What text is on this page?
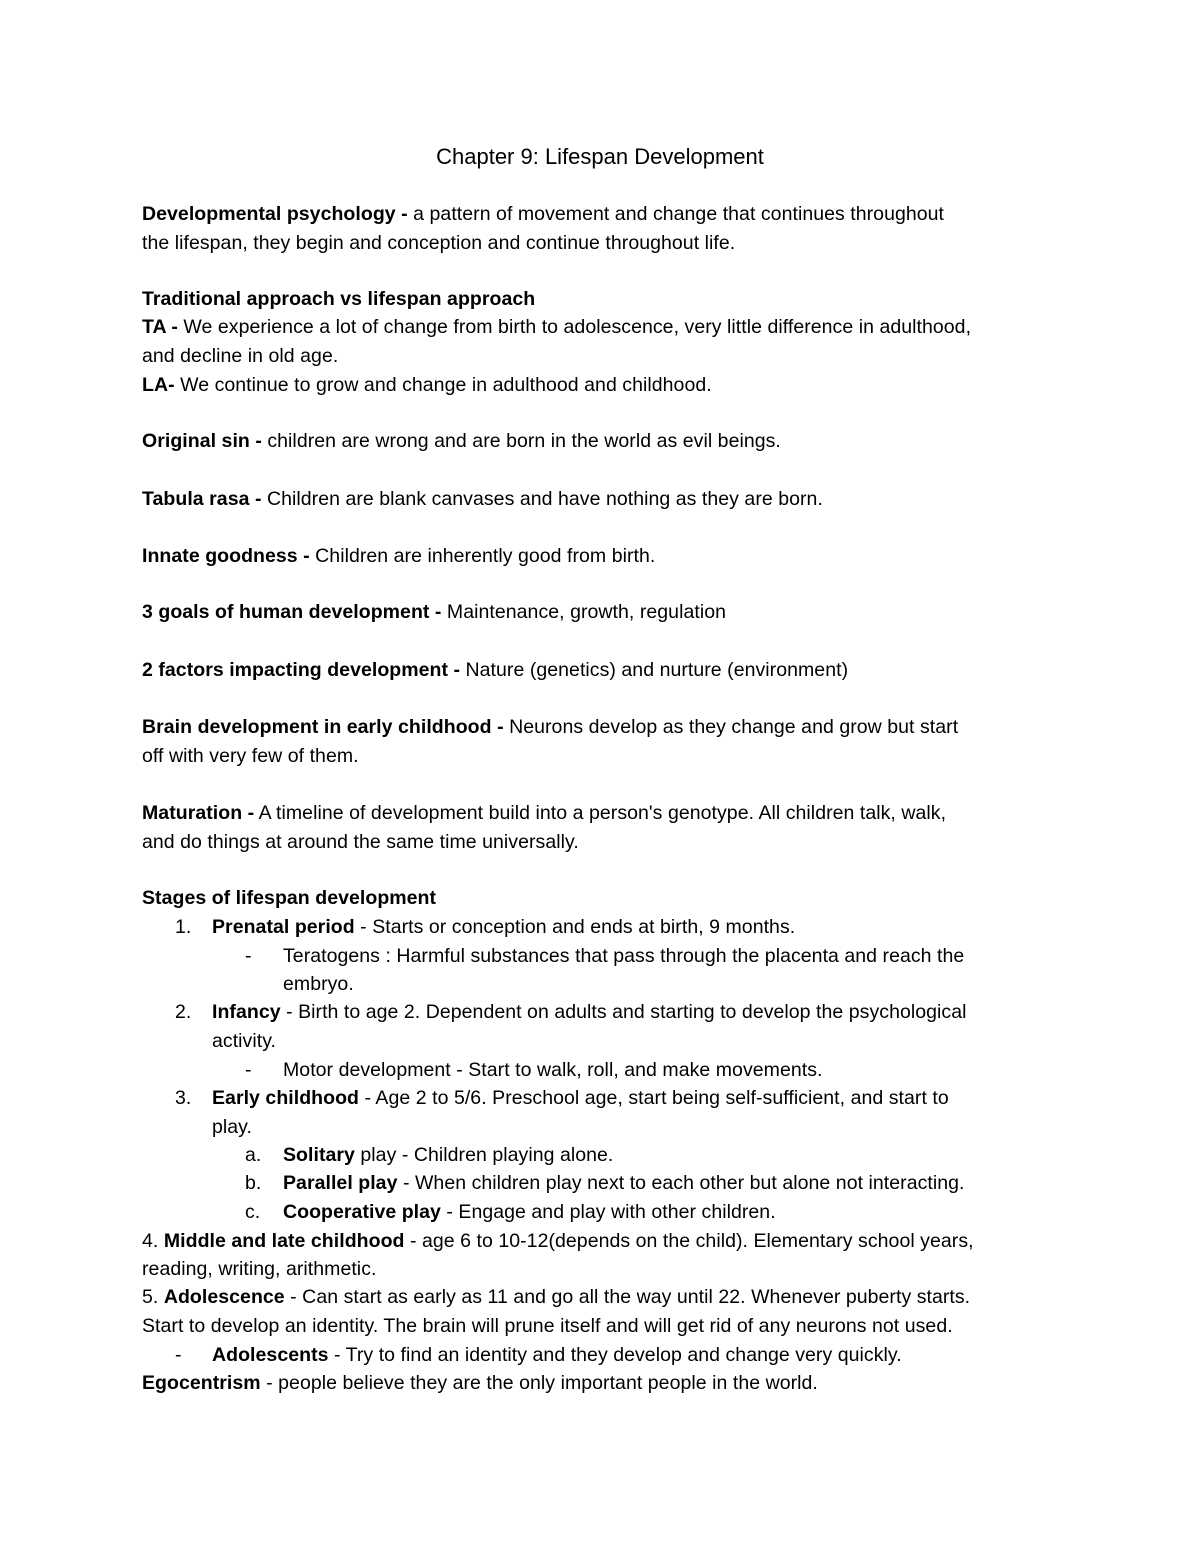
Chapter 9: Lifespan Development
Developmental psychology - a pattern of movement and change that continues throughout
the lifespan, they begin and conception and continue throughout life.
Traditional approach vs lifespan approach
TA - We experience a lot of change from birth to adolescence, very little difference in adulthood,
and decline in old age.
LA- We continue to grow and change in adulthood and childhood.
Original sin - children are wrong and are born in the world as evil beings.
Tabula rasa - Children are blank canvases and have nothing as they are born.
Innate goodness - Children are inherently good from birth.
3 goals of human development - Maintenance, growth, regulation
2 factors impacting development - Nature (genetics) and nurture (environment)
Brain development in early childhood - Neurons develop as they change and grow but start
off with very few of them.
Maturation - A timeline of development build into a person's genotype. All children talk, walk,
and do things at around the same time universally.
Stages of lifespan development
1. Prenatal period - Starts or conception and ends at birth, 9 months.
- Teratogens : Harmful substances that pass through the placenta and reach the
embryo.
2. Infancy - Birth to age 2. Dependent on adults and starting to develop the psychological
activity.
- Motor development - Start to walk, roll, and make movements.
3. Early childhood - Age 2 to 5/6. Preschool age, start being self-sufficient, and start to
play.
a. Solitary play - Children playing alone.
b. Parallel play - When children play next to each other but alone not interacting.
c. Cooperative play - Engage and play with other children.
4. Middle and late childhood - age 6 to 10-12(depends on the child). Elementary school years,
reading, writing, arithmetic.
5. Adolescence - Can start as early as 11 and go all the way until 22. Whenever puberty starts.
Start to develop an identity. The brain will prune itself and will get rid of any neurons not used.
- Adolescents - Try to find an identity and they develop and change very quickly.
Egocentrism - people believe they are the only important people in the world.
